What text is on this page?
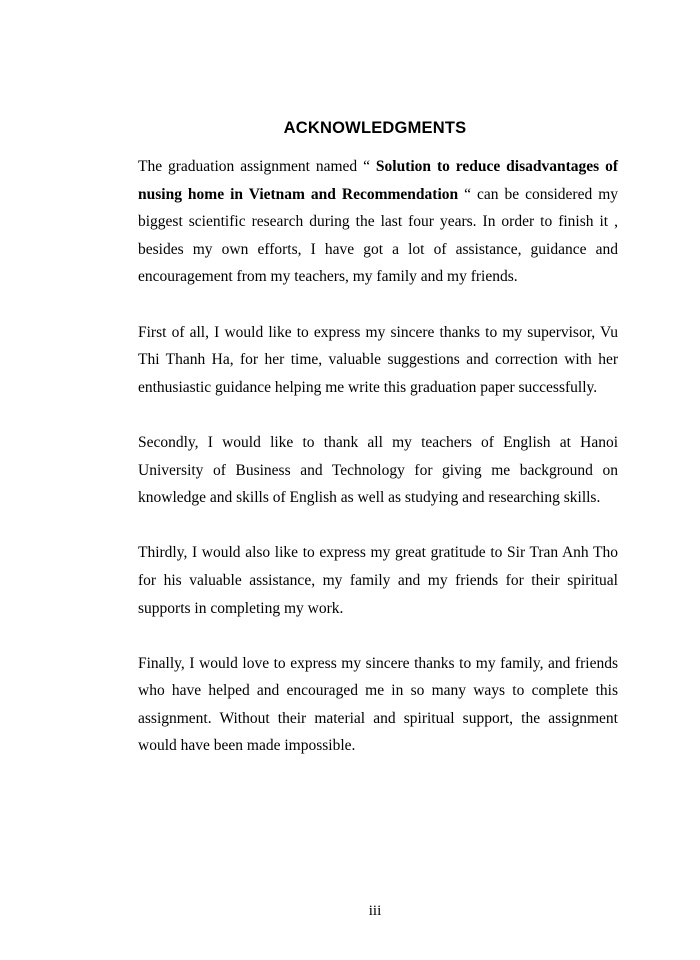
ACKNOWLEDGMENTS

The graduation assignment named “ Solution to reduce disadvantages of nusing home in Vietnam and Recommendation “ can be considered my biggest scientific research during the last four years. In order to finish it , besides my own efforts, I have got a lot of assistance, guidance and encouragement from my teachers, my family and my friends.

First of all, I would like to express my sincere thanks to my supervisor, Vu Thi Thanh Ha, for her time, valuable suggestions and correction with her enthusiastic guidance helping me write this graduation paper successfully.

Secondly, I would like to thank all my teachers of English at Hanoi University of Business and Technology for giving me background on knowledge and skills of English as well as studying and researching skills.

Thirdly, I would also like to express my great gratitude to Sir Tran Anh Tho for his valuable assistance, my family and my friends for their spiritual supports in completing my work.

Finally, I would love to express my sincere thanks to my family, and friends who have helped and encouraged me in so many ways to complete this assignment. Without their material and spiritual support, the assignment would have been made impossible.

iii
